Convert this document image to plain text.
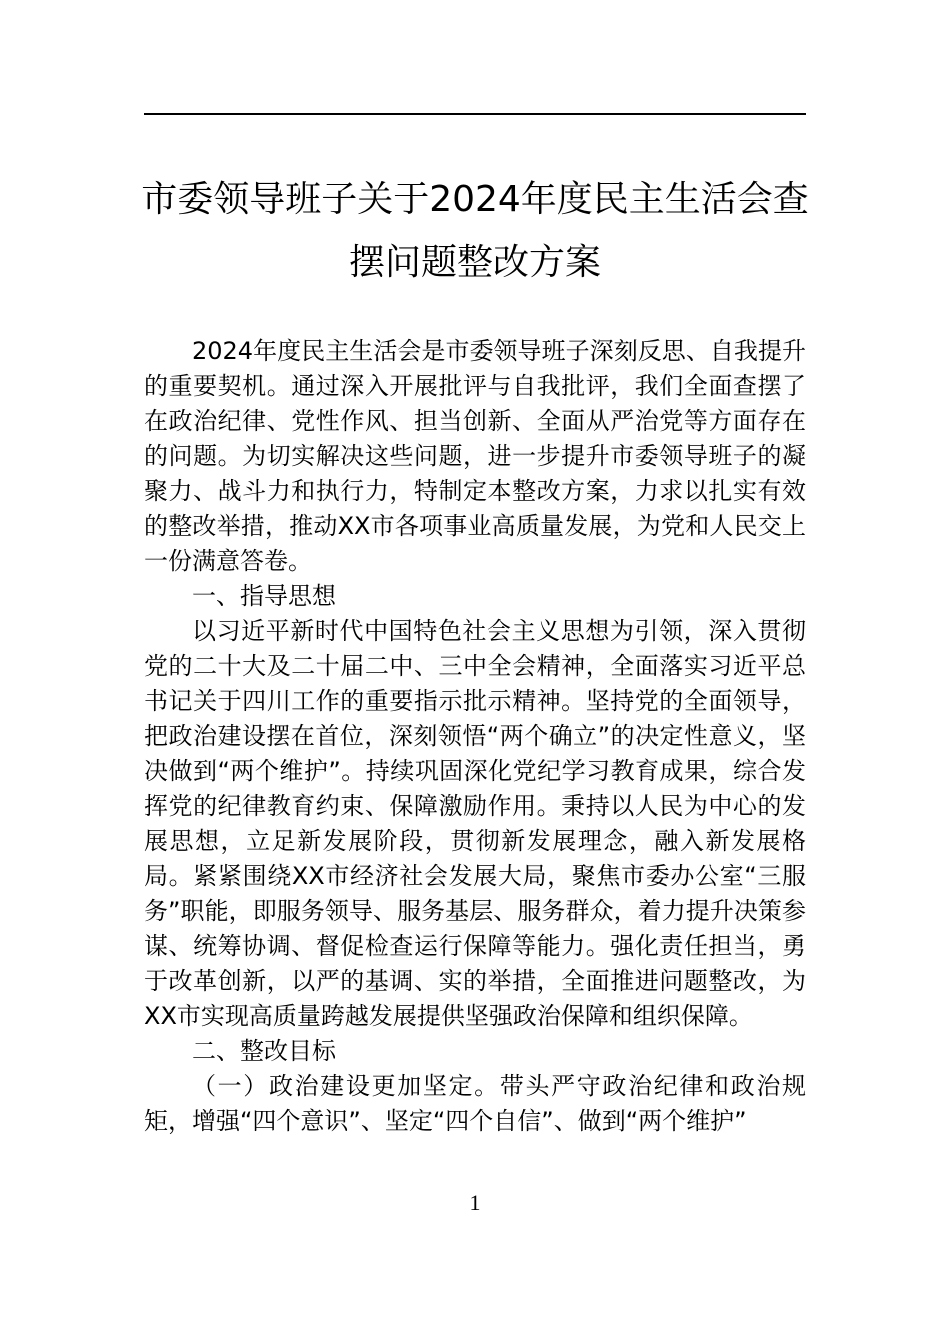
市委领导班子关于2024年度民主生活会查
摆问题整改方案

2024年度民主生活会是市委领导班子深刻反思、自我提升的重要契机。通过深入开展批评与自我批评，我们全面查摆了在政治纪律、党性作风、担当创新、全面从严治党等方面存在的问题。为切实解决这些问题，进一步提升市委领导班子的凝聚力、战斗力和执行力，特制定本整改方案，力求以扎实有效的整改举措，推动XX市各项事业高质量发展，为党和人民交上一份满意答卷。

一、指导思想

以习近平新时代中国特色社会主义思想为引领，深入贯彻党的二十大及二十届二中、三中全会精神，全面落实习近平总书记关于四川工作的重要指示批示精神。坚持党的全面领导，把政治建设摆在首位，深刻领悟“两个确立”的决定性意义，坚决做到“两个维护”。持续巩固深化党纪学习教育成果，综合发挥党的纪律教育约束、保障激励作用。秉持以人民为中心的发展思想，立足新发展阶段，贯彻新发展理念，融入新发展格局。紧紧围绕XX市经济社会发展大局，聚焦市委办公室“三服务”职能，即服务领导、服务基层、服务群众，着力提升决策参谋、统筹协调、督促检查运行保障等能力。强化责任担当，勇于改革创新，以严的基调、实的举措，全面推进问题整改，为XX市实现高质量跨越发展提供坚强政治保障和组织保障。

二、整改目标

（一）政治建设更加坚定。带头严守政治纪律和政治规矩，增强“四个意识”、坚定“四个自信”、做到“两个维护”

1
